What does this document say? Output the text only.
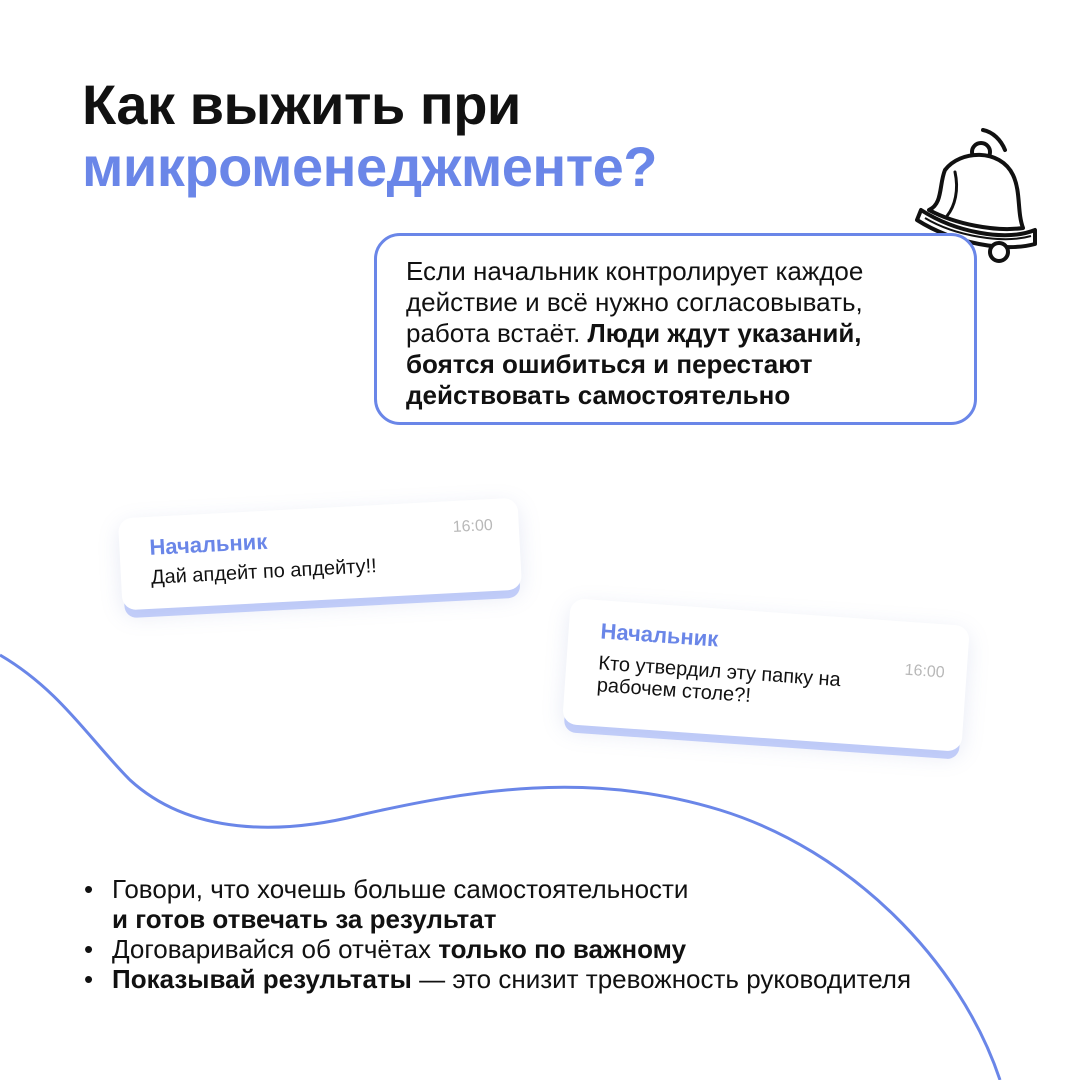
Как выжить при
микроменеджменте?
Если начальник контролирует каждое действие и всё нужно согласовывать, работа встаёт. Люди ждут указаний, боятся ошибиться и перестают действовать самостоятельно
Начальник
16:00
Дай апдейт по апдейту!!
Начальник
16:00
Кто утвердил эту папку на рабочем столе?!
• Говори, что хочешь больше самостоятельности
и готов отвечать за результат
• Договаривайся об отчётах только по важному
• Показывай результаты — это снизит тревожность руководителя
